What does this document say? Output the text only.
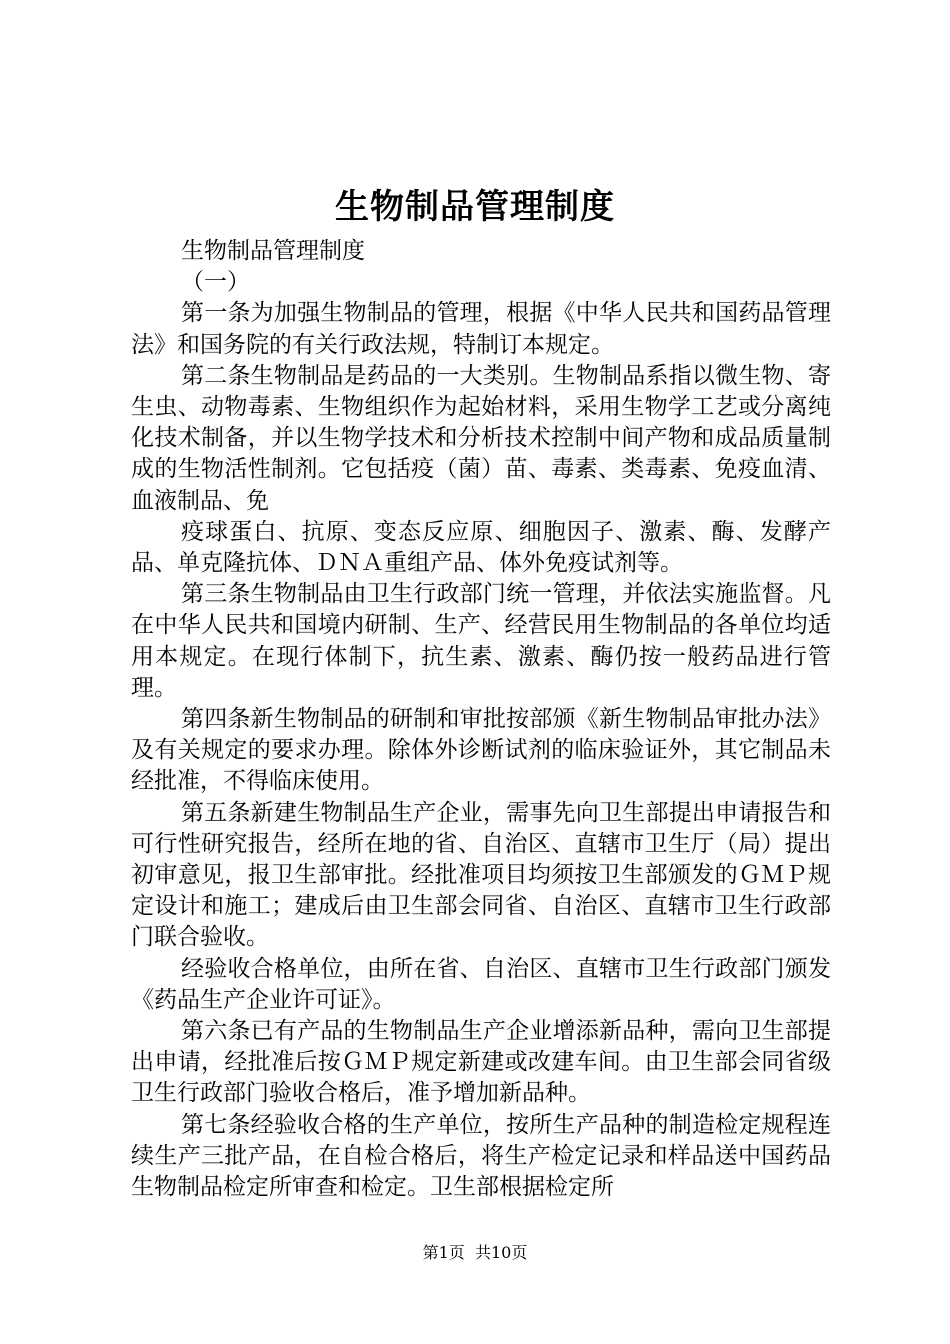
生物制品管理制度

生物制品管理制度

（一）

第一条为加强生物制品的管理，根据《中华人民共和国药品管理法》和国务院的有关行政法规，特制订本规定。

第二条生物制品是药品的一大类别。生物制品系指以微生物、寄生虫、动物毒素、生物组织作为起始材料，采用生物学工艺或分离纯化技术制备，并以生物学技术和分析技术控制中间产物和成品质量制成的生物活性制剂。它包括疫（菌）苗、毒素、类毒素、免疫血清、血液制品、免

疫球蛋白、抗原、变态反应原、细胞因子、激素、酶、发酵产品、单克隆抗体、ＤＮＡ重组产品、体外免疫试剂等。

第三条生物制品由卫生行政部门统一管理，并依法实施监督。凡在中华人民共和国境内研制、生产、经营民用生物制品的各单位均适用本规定。在现行体制下，抗生素、激素、酶仍按一般药品进行管理。

第四条新生物制品的研制和审批按部颁《新生物制品审批办法》及有关规定的要求办理。除体外诊断试剂的临床验证外，其它制品未经批准，不得临床使用。

第五条新建生物制品生产企业，需事先向卫生部提出申请报告和可行性研究报告，经所在地的省、自治区、直辖市卫生厅（局）提出初审意见，报卫生部审批。经批准项目均须按卫生部颁发的ＧＭＰ规定设计和施工；建成后由卫生部会同省、自治区、直辖市卫生行政部门联合验收。

经验收合格单位，由所在省、自治区、直辖市卫生行政部门颁发《药品生产企业许可证》。

第六条已有产品的生物制品生产企业增添新品种，需向卫生部提出申请，经批准后按ＧＭＰ规定新建或改建车间。由卫生部会同省级卫生行政部门验收合格后，准予增加新品种。

第七条经验收合格的生产单位，按所生产品种的制造检定规程连续生产三批产品，在自检合格后，将生产检定记录和样品送中国药品生物制品检定所审查和检定。卫生部根据检定所

第1页 共10页
